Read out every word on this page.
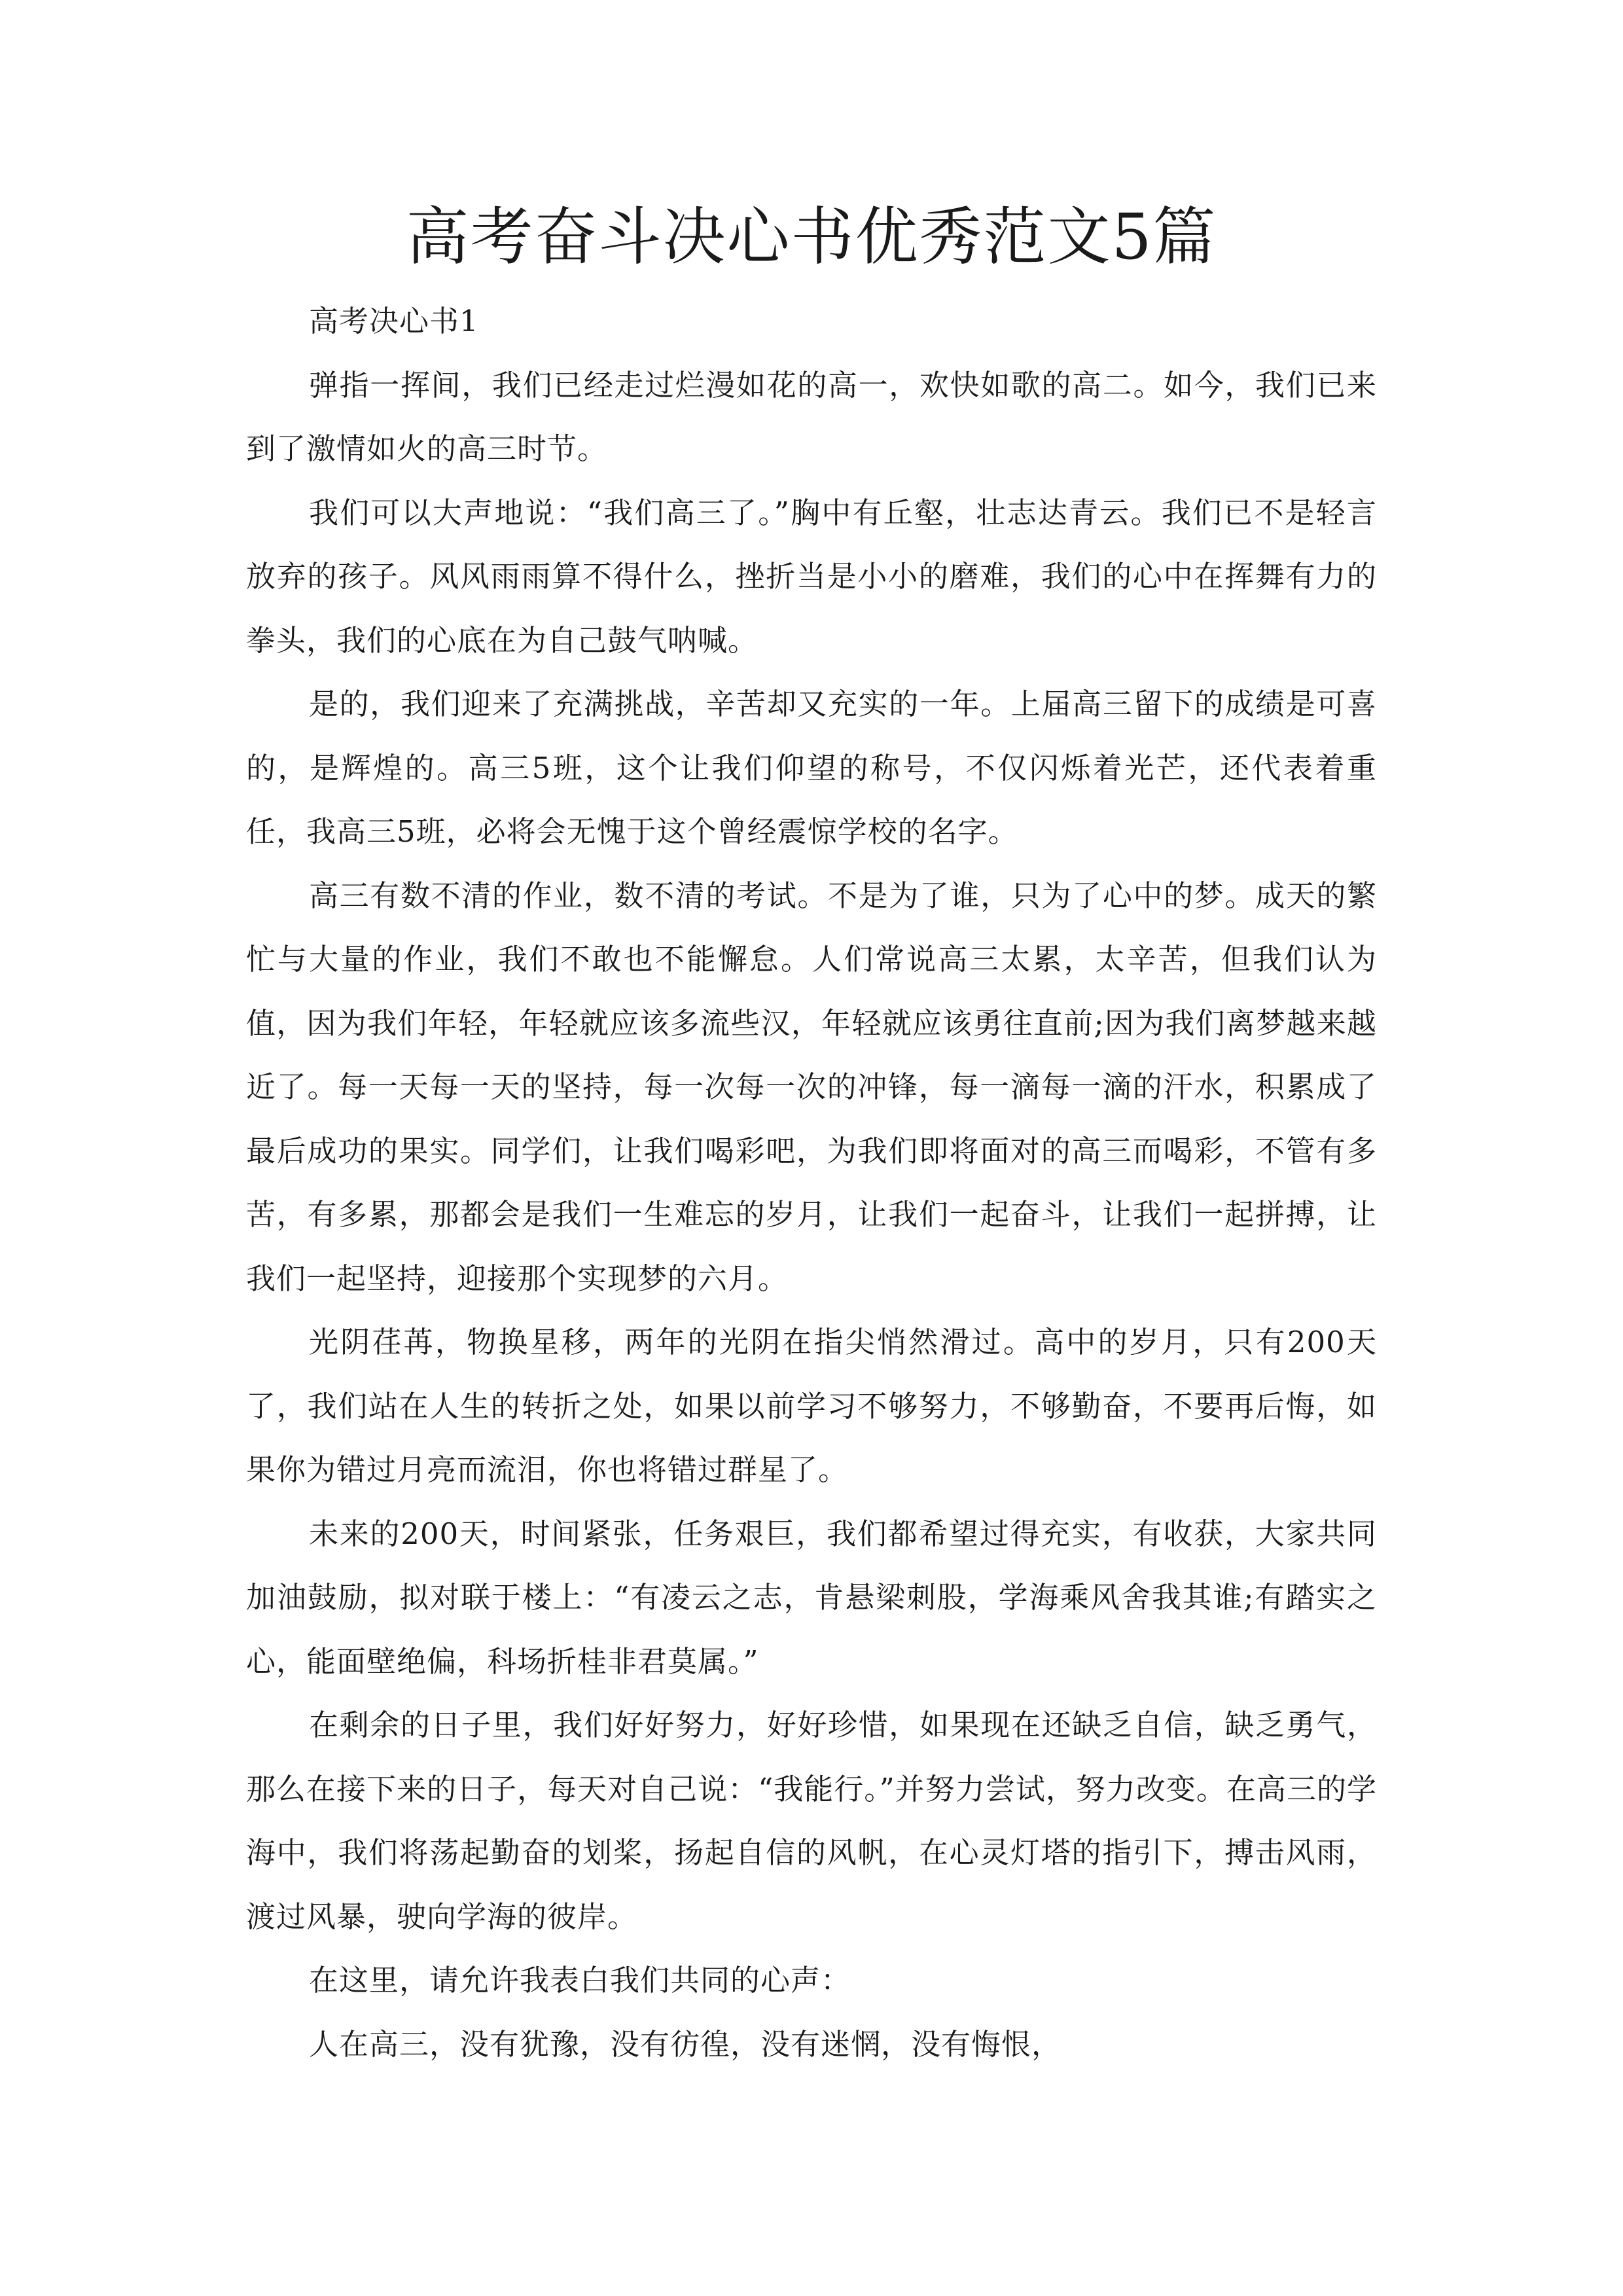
高考奋斗决心书优秀范文5篇

高考决心书1

弹指一挥间，我们已经走过烂漫如花的高一，欢快如歌的高二。如今，我们已来到了激情如火的高三时节。

我们可以大声地说：“我们高三了。”胸中有丘壑，壮志达青云。我们已不是轻言放弃的孩子。风风雨雨算不得什么，挫折当是小小的磨难，我们的心中在挥舞有力的拳头，我们的心底在为自己鼓气呐喊。

是的，我们迎来了充满挑战，辛苦却又充实的一年。上届高三留下的成绩是可喜的，是辉煌的。高三5班，这个让我们仰望的称号，不仅闪烁着光芒，还代表着重任，我高三5班，必将会无愧于这个曾经震惊学校的名字。

高三有数不清的作业，数不清的考试。不是为了谁，只为了心中的梦。成天的繁忙与大量的作业，我们不敢也不能懈怠。人们常说高三太累，太辛苦，但我们认为值，因为我们年轻，年轻就应该多流些汉，年轻就应该勇往直前;因为我们离梦越来越近了。每一天每一天的坚持，每一次每一次的冲锋，每一滴每一滴的汗水，积累成了最后成功的果实。同学们，让我们喝彩吧，为我们即将面对的高三而喝彩，不管有多苦，有多累，那都会是我们一生难忘的岁月，让我们一起奋斗，让我们一起拼搏，让我们一起坚持，迎接那个实现梦的六月。

光阴荏苒，物换星移，两年的光阴在指尖悄然滑过。高中的岁月，只有200天了，我们站在人生的转折之处，如果以前学习不够努力，不够勤奋，不要再后悔，如果你为错过月亮而流泪，你也将错过群星了。

未来的200天，时间紧张，任务艰巨，我们都希望过得充实，有收获，大家共同加油鼓励，拟对联于楼上：“有凌云之志，肯悬梁刺股，学海乘风舍我其谁;有踏实之心，能面壁绝偏，科场折桂非君莫属。”

在剩余的日子里，我们好好努力，好好珍惜，如果现在还缺乏自信，缺乏勇气，那么在接下来的日子，每天对自己说：“我能行。”并努力尝试，努力改变。在高三的学海中，我们将荡起勤奋的划桨，扬起自信的风帆，在心灵灯塔的指引下，搏击风雨，渡过风暴，驶向学海的彼岸。

在这里，请允许我表白我们共同的心声：

人在高三，没有犹豫，没有彷徨，没有迷惘，没有悔恨，
